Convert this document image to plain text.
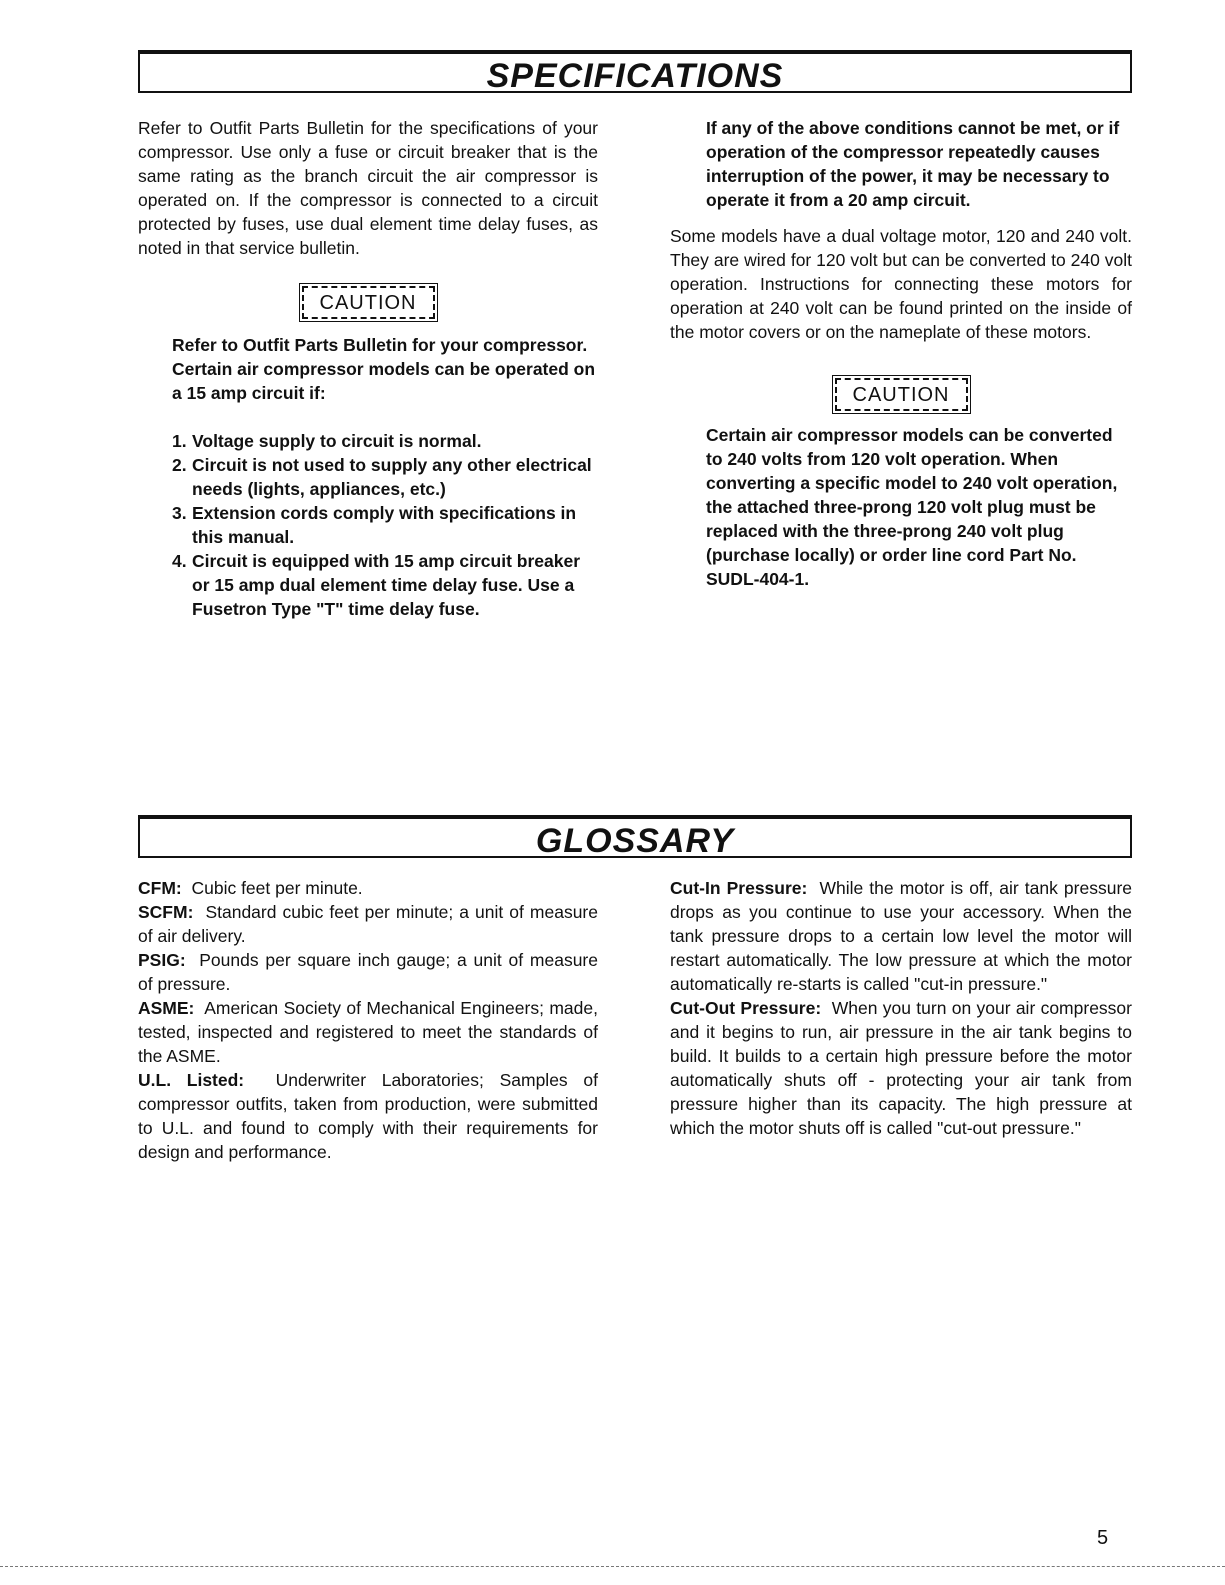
SPECIFICATIONS

Refer to Outfit Parts Bulletin for the specifications of your compressor. Use only a fuse or circuit breaker that is the same rating as the branch circuit the air compressor is operated on. If the compressor is connected to a circuit protected by fuses, use dual element time delay fuses, as noted in that service bulletin.

CAUTION

Refer to Outfit Parts Bulletin for your compressor. Certain air compressor models can be operated on a 15 amp circuit if:

1. Voltage supply to circuit is normal.
2. Circuit is not used to supply any other electrical needs (lights, appliances, etc.)
3. Extension cords comply with specifications in this manual.
4. Circuit is equipped with 15 amp circuit breaker or 15 amp dual element time delay fuse. Use a Fusetron Type "T" time delay fuse.

If any of the above conditions cannot be met, or if operation of the compressor repeatedly causes interruption of the power, it may be necessary to operate it from a 20 amp circuit.

Some models have a dual voltage motor, 120 and 240 volt. They are wired for 120 volt but can be converted to 240 volt operation. Instructions for connecting these motors for operation at 240 volt can be found printed on the inside of the motor covers or on the nameplate of these motors.

CAUTION

Certain air compressor models can be converted to 240 volts from 120 volt operation. When converting a specific model to 240 volt operation, the attached three-prong 120 volt plug must be replaced with the three-prong 240 volt plug (purchase locally) or order line cord Part No. SUDL-404-1.

GLOSSARY

CFM: Cubic feet per minute.

SCFM: Standard cubic feet per minute; a unit of measure of air delivery.

PSIG: Pounds per square inch gauge; a unit of measure of pressure.

ASME: American Society of Mechanical Engineers; made, tested, inspected and registered to meet the standards of the ASME.

U.L. Listed: Underwriter Laboratories; Samples of compressor outfits, taken from production, were submitted to U.L. and found to comply with their requirements for design and performance.

Cut-In Pressure: While the motor is off, air tank pressure drops as you continue to use your accessory. When the tank pressure drops to a certain low level the motor will restart automatically. The low pressure at which the motor automatically re-starts is called "cut-in pressure."

Cut-Out Pressure: When you turn on your air compressor and it begins to run, air pressure in the air tank begins to build. It builds to a certain high pressure before the motor automatically shuts off - protecting your air tank from pressure higher than its capacity. The high pressure at which the motor shuts off is called "cut-out pressure."

5
